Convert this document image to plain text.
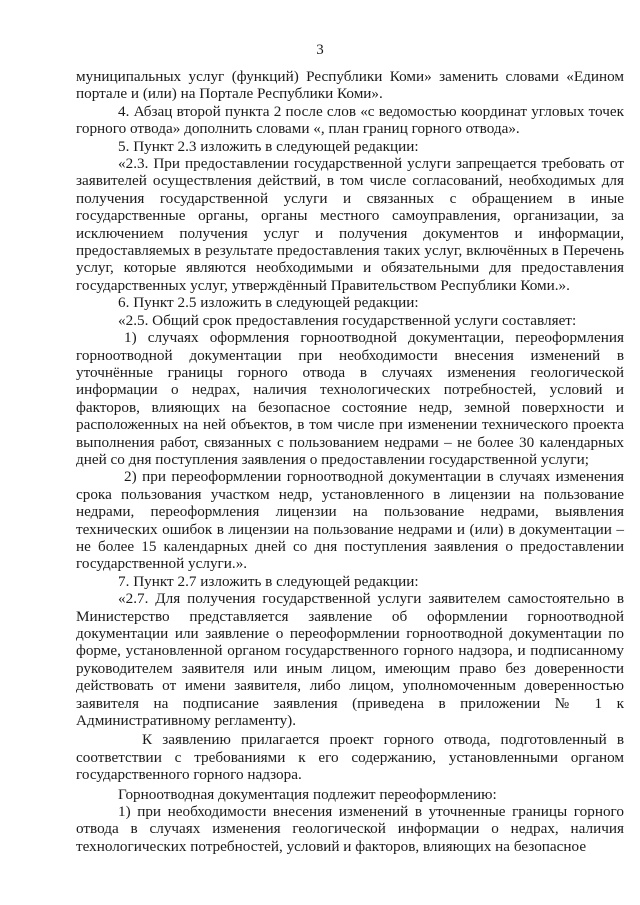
3

муниципальных услуг (функций) Республики Коми» заменить словами «Едином портале и (или) на Портале Республики Коми».

4. Абзац второй пункта 2 после слов «с ведомостью координат угловых точек горного отвода» дополнить словами «, план границ горного отвода».

5. Пункт 2.3 изложить в следующей редакции:

«2.3. При предоставлении государственной услуги запрещается требовать от заявителей осуществления действий, в том числе согласований, необходимых для получения государственной услуги и связанных с обращением в иные государственные органы, органы местного самоуправления, организации, за исключением получения услуг и получения документов и информации, предоставляемых в результате предоставления таких услуг, включённых в Перечень услуг, которые являются необходимыми и обязательными для предоставления государственных услуг, утверждённый Правительством Республики Коми.».

6. Пункт 2.5 изложить в следующей редакции:

«2.5. Общий срок предоставления государственной услуги составляет:

1) случаях оформления горноотводной документации, переоформления горноотводной документации при необходимости внесения изменений в уточнённые границы горного отвода в случаях изменения геологической информации о недрах, наличия технологических потребностей, условий и факторов, влияющих на безопасное состояние недр, земной поверхности и расположенных на ней объектов, в том числе при изменении технического проекта выполнения работ, связанных с пользованием недрами – не более 30 календарных дней со дня поступления заявления о предоставлении государственной услуги;

2) при переоформлении горноотводной документации в случаях изменения срока пользования участком недр, установленного в лицензии на пользование недрами, переоформления лицензии на пользование недрами, выявления технических ошибок в лицензии на пользование недрами и (или) в документации – не более 15 календарных дней со дня поступления заявления о предоставлении государственной услуги.».

7. Пункт 2.7 изложить в следующей редакции:

«2.7. Для получения государственной услуги заявителем самостоятельно в Министерство представляется заявление об оформлении горноотводной документации или заявление о переоформлении горноотводной документации по форме, установленной органом государственного горного надзора, и подписанному руководителем заявителя или иным лицом, имеющим право без доверенности действовать от имени заявителя, либо лицом, уполномоченным доверенностью заявителя на подписание заявления (приведена в приложении № 1 к Административному регламенту).

К заявлению прилагается проект горного отвода, подготовленный в соответствии с требованиями к его содержанию, установленными органом государственного горного надзора.

Горноотводная документация подлежит переоформлению:

1) при необходимости внесения изменений в уточненные границы горного отвода в случаях изменения геологической информации о недрах, наличия технологических потребностей, условий и факторов, влияющих на безопасное
